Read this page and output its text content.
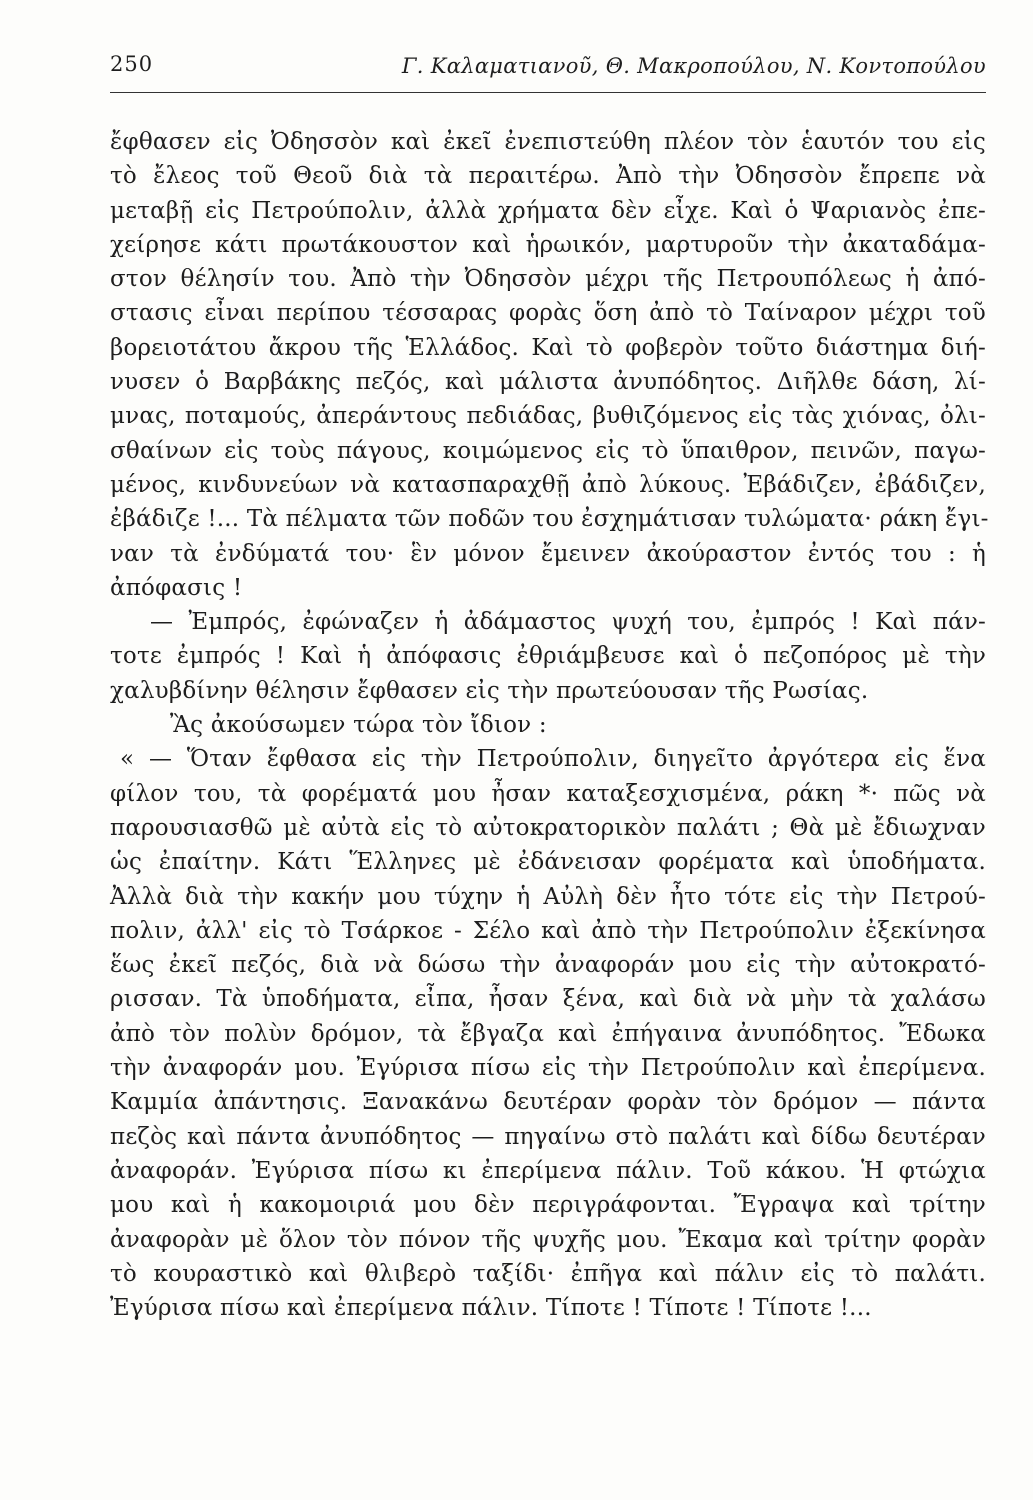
250	Γ. Καλαματιανοῦ, Θ. Μακροπούλου, Ν. Κοντοπούλου
ἔφθασεν εἰς Ὀδησσὸν καὶ ἐκεῖ ἐνεπιστεύθη πλέον τὸν ἑαυτόν του εἰς
τὸ ἔλεος τοῦ Θεοῦ διὰ τὰ περαιτέρω. Ἀπὸ τὴν Ὀδησσὸν ἔπρεπε νὰ
μεταβῇ εἰς Πετρούπολιν, ἀλλὰ χρήματα δὲν εἶχε. Καὶ ὁ Ψαριανὸς ἐπε-
χείρησε κάτι πρωτάκουστον καὶ ἡρωικόν, μαρτυροῦν τὴν ἀκαταδάμα-
στον θέλησίν του. Ἀπὸ τὴν Ὀδησσὸν μέχρι τῆς Πετρουπόλεως ἡ ἀπό-
στασις εἶναι περίπου τέσσαρας φορὰς ὅση ἀπὸ τὸ Ταίναρον μέχρι τοῦ
βορειοτάτου ἄκρου τῆς Ἑλλάδος. Καὶ τὸ φοβερὸν τοῦτο διάστημα διή-
νυσεν ὁ Βαρβάκης πεζός, καὶ μάλιστα ἀνυπόδητος. Διῆλθε δάση, λί-
μνας, ποταμούς, ἀπεράντους πεδιάδας, βυθιζόμενος εἰς τὰς χιόνας, ὀλι-
σθαίνων εἰς τοὺς πάγους, κοιμώμενος εἰς τὸ ὕπαιθρον, πεινῶν, παγω-
μένος, κινδυνεύων νὰ κατασπαραχθῇ ἀπὸ λύκους. Ἐβάδιζεν, ἐβάδιζεν,
ἐβάδιζε !... Τὰ πέλματα τῶν ποδῶν του ἐσχημάτισαν τυλώματα· ράκη ἔγι-
ναν τὰ ἐνδύματά του· ἓν μόνον ἔμεινεν ἀκούραστον ἐντός του : ἡ
ἀπόφασις !
— Ἐμπρός, ἐφώναζεν ἡ ἀδάμαστος ψυχή του, ἐμπρός ! Καὶ πάν-
τοτε ἐμπρός ! Καὶ ἡ ἀπόφασις ἐθριάμβευσε καὶ ὁ πεζοπόρος μὲ τὴν
χαλυβδίνην θέλησιν ἔφθασεν εἰς τὴν πρωτεύουσαν τῆς Ρωσίας.
Ἂς ἀκούσωμεν τώρα τὸν ἴδιον :
« — Ὅταν ἔφθασα εἰς τὴν Πετρούπολιν, διηγεῖτο ἀργότερα εἰς ἕνα
φίλον του, τὰ φορέματά μου ἦσαν καταξεσχισμένα, ράκη *· πῶς νὰ
παρουσιασθῶ μὲ αὐτὰ εἰς τὸ αὐτοκρατορικὸν παλάτι ; Θὰ μὲ ἔδιωχναν
ὡς ἐπαίτην. Κάτι Ἕλληνες μὲ ἐδάνεισαν φορέματα καὶ ὑποδήματα.
Ἀλλὰ διὰ τὴν κακήν μου τύχην ἡ Αὐλὴ δὲν ἦτο τότε εἰς τὴν Πετρού-
πολιν, ἀλλ' εἰς τὸ Τσάρκοε - Σέλο καὶ ἀπὸ τὴν Πετρούπολιν ἐξεκίνησα
ἕως ἐκεῖ πεζός, διὰ νὰ δώσω τὴν ἀναφοράν μου εἰς τὴν αὐτοκρατό-
ρισσαν. Τὰ ὑποδήματα, εἶπα, ἦσαν ξένα, καὶ διὰ νὰ μὴν τὰ χαλάσω
ἀπὸ τὸν πολὺν δρόμον, τὰ ἔβγαζα καὶ ἐπήγαινα ἀνυπόδητος. Ἔδωκα
τὴν ἀναφοράν μου. Ἐγύρισα πίσω εἰς τὴν Πετρούπολιν καὶ ἐπερίμενα.
Καμμία ἀπάντησις. Ξανακάνω δευτέραν φορὰν τὸν δρόμον — πάντα
πεζὸς καὶ πάντα ἀνυπόδητος — πηγαίνω στὸ παλάτι καὶ δίδω δευτέραν
ἀναφοράν. Ἐγύρισα πίσω κι ἐπερίμενα πάλιν. Τοῦ κάκου. Ἡ φτώχια
μου καὶ ἡ κακομοιριά μου δὲν περιγράφονται. Ἔγραψα καὶ τρίτην
ἀναφορὰν μὲ ὅλον τὸν πόνον τῆς ψυχῆς μου. Ἔκαμα καὶ τρίτην φορὰν
τὸ κουραστικὸ καὶ θλιβερὸ ταξίδι· ἐπῆγα καὶ πάλιν εἰς τὸ παλάτι.
Ἐγύρισα πίσω καὶ ἐπερίμενα πάλιν. Τίποτε ! Τίποτε ! Τίποτε !...
